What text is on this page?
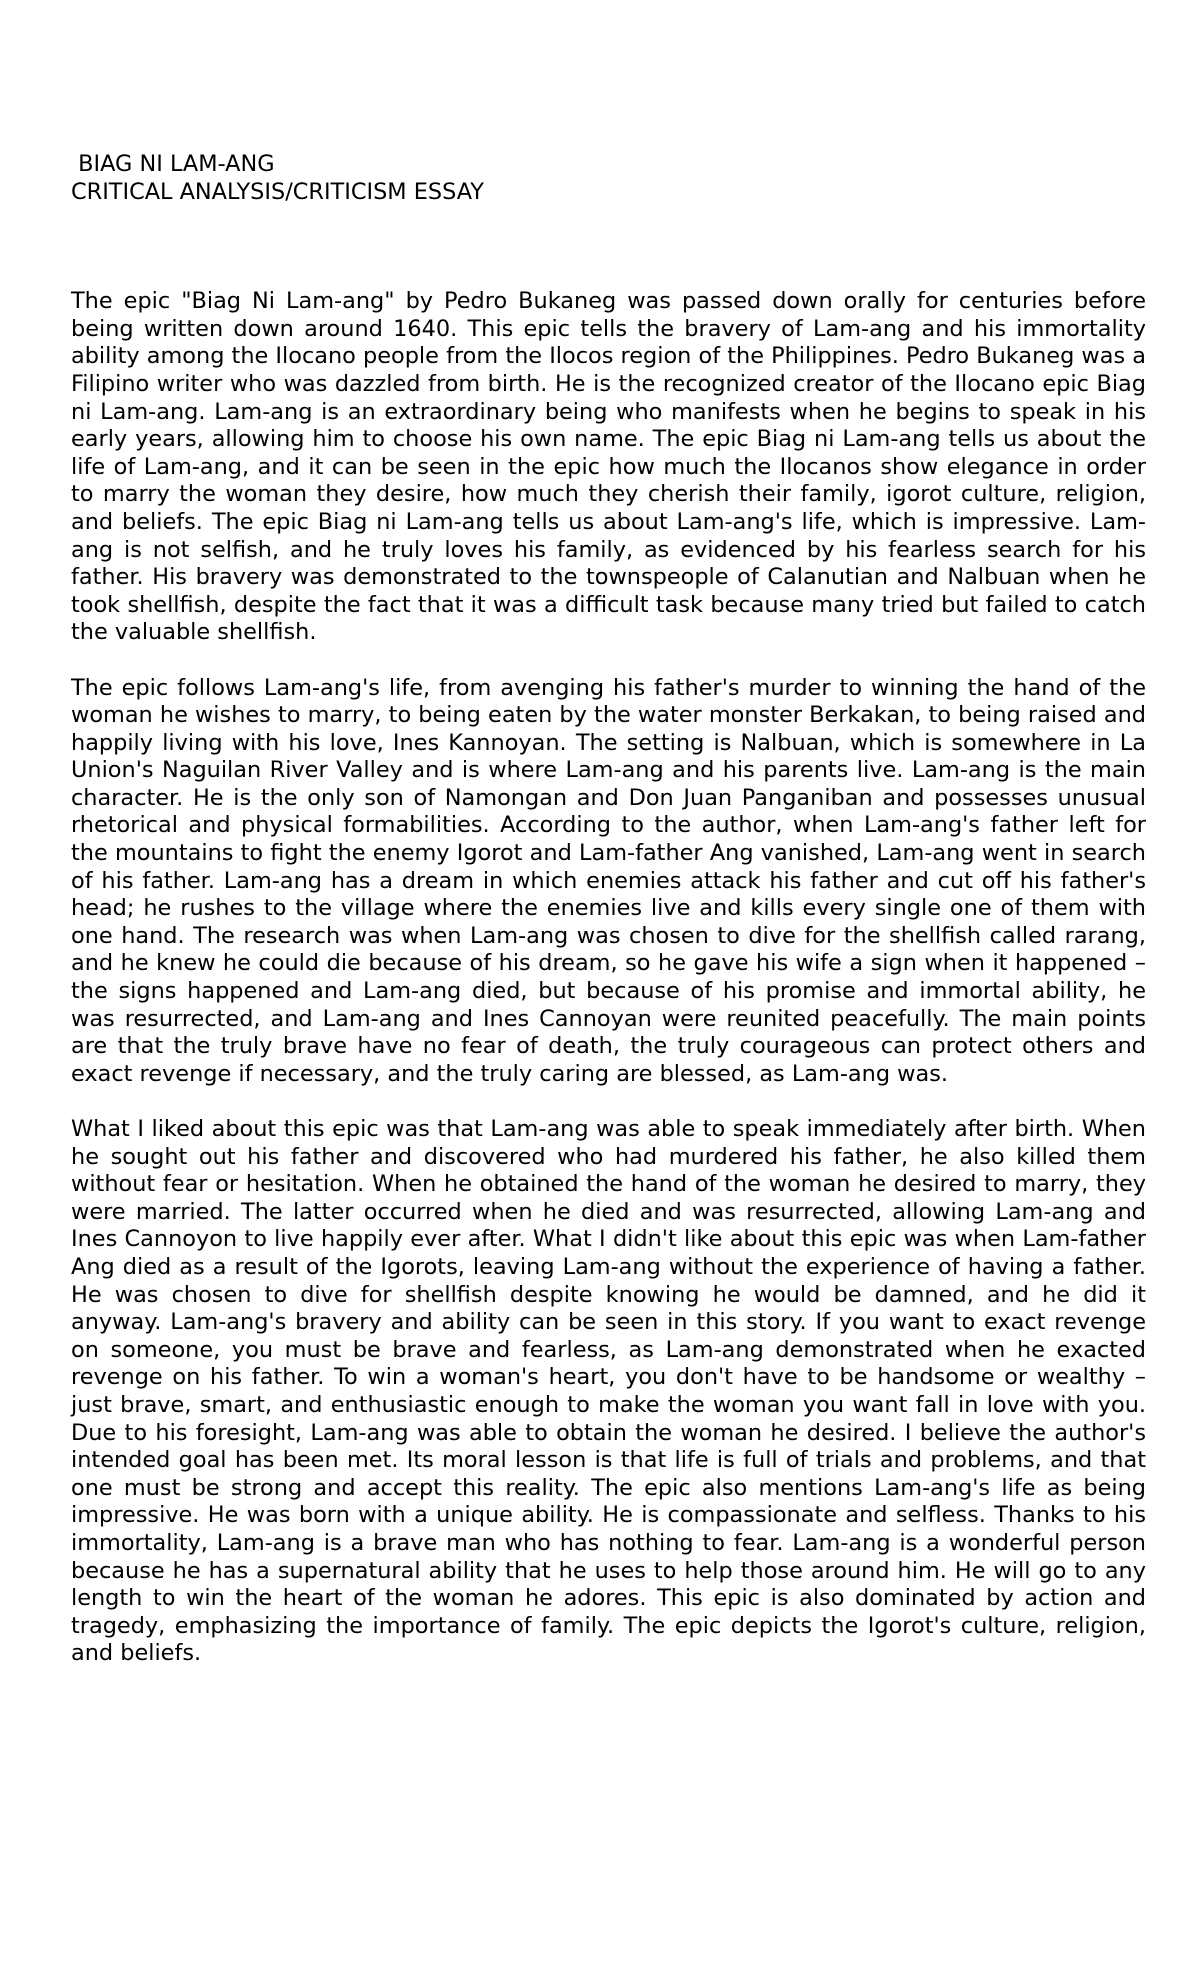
BIAG NI LAM-ANG
CRITICAL ANALYSIS/CRITICISM ESSAY

The epic "Biag Ni Lam-ang" by Pedro Bukaneg was passed down orally for centuries before being written down around 1640. This epic tells the bravery of Lam-ang and his immortality ability among the Ilocano people from the Ilocos region of the Philippines. Pedro Bukaneg was a Filipino writer who was dazzled from birth. He is the recognized creator of the Ilocano epic Biag ni Lam-ang. Lam-ang is an extraordinary being who manifests when he begins to speak in his early years, allowing him to choose his own name. The epic Biag ni Lam-ang tells us about the life of Lam-ang, and it can be seen in the epic how much the Ilocanos show elegance in order to marry the woman they desire, how much they cherish their family, igorot culture, religion, and beliefs. The epic Biag ni Lam-ang tells us about Lam-ang's life, which is impressive. Lam-ang is not selfish, and he truly loves his family, as evidenced by his fearless search for his father. His bravery was demonstrated to the townspeople of Calanutian and Nalbuan when he took shellfish, despite the fact that it was a difficult task because many tried but failed to catch the valuable shellfish.

The epic follows Lam-ang's life, from avenging his father's murder to winning the hand of the woman he wishes to marry, to being eaten by the water monster Berkakan, to being raised and happily living with his love, Ines Kannoyan. The setting is Nalbuan, which is somewhere in La Union's Naguilan River Valley and is where Lam-ang and his parents live. Lam-ang is the main character. He is the only son of Namongan and Don Juan Panganiban and possesses unusual rhetorical and physical formabilities. According to the author, when Lam-ang's father left for the mountains to fight the enemy Igorot and Lam-father Ang vanished, Lam-ang went in search of his father. Lam-ang has a dream in which enemies attack his father and cut off his father's head; he rushes to the village where the enemies live and kills every single one of them with one hand. The research was when Lam-ang was chosen to dive for the shellfish called rarang, and he knew he could die because of his dream, so he gave his wife a sign when it happened – the signs happened and Lam-ang died, but because of his promise and immortal ability, he was resurrected, and Lam-ang and Ines Cannoyan were reunited peacefully. The main points are that the truly brave have no fear of death, the truly courageous can protect others and exact revenge if necessary, and the truly caring are blessed, as Lam-ang was.

What I liked about this epic was that Lam-ang was able to speak immediately after birth. When he sought out his father and discovered who had murdered his father, he also killed them without fear or hesitation. When he obtained the hand of the woman he desired to marry, they were married. The latter occurred when he died and was resurrected, allowing Lam-ang and Ines Cannoyon to live happily ever after. What I didn't like about this epic was when Lam-father Ang died as a result of the Igorots, leaving Lam-ang without the experience of having a father. He was chosen to dive for shellfish despite knowing he would be damned, and he did it anyway. Lam-ang's bravery and ability can be seen in this story. If you want to exact revenge on someone, you must be brave and fearless, as Lam-ang demonstrated when he exacted revenge on his father. To win a woman's heart, you don't have to be handsome or wealthy – just brave, smart, and enthusiastic enough to make the woman you want fall in love with you. Due to his foresight, Lam-ang was able to obtain the woman he desired. I believe the author's intended goal has been met. Its moral lesson is that life is full of trials and problems, and that one must be strong and accept this reality. The epic also mentions Lam-ang's life as being impressive. He was born with a unique ability. He is compassionate and selfless. Thanks to his immortality, Lam-ang is a brave man who has nothing to fear. Lam-ang is a wonderful person because he has a supernatural ability that he uses to help those around him. He will go to any length to win the heart of the woman he adores. This epic is also dominated by action and tragedy, emphasizing the importance of family. The epic depicts the Igorot's culture, religion, and beliefs.
